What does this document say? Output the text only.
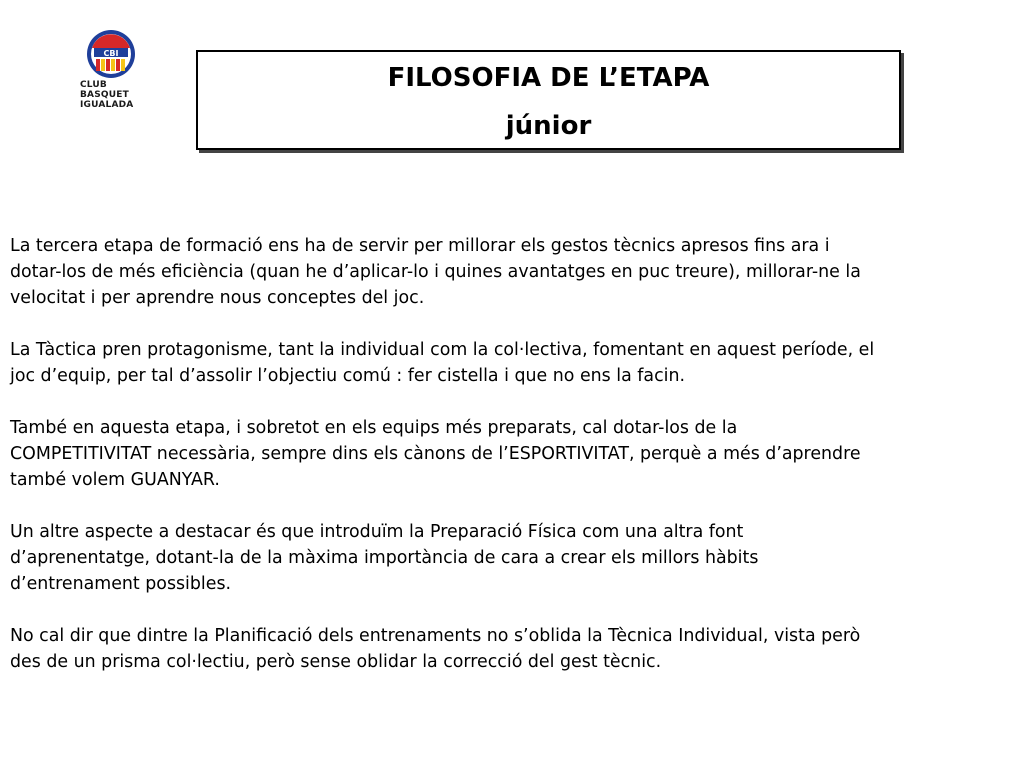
CBI
CLUB
BASQUET
IGUALADA
FILOSOFIA DE L’ETAPA
júnior
La tercera etapa de formació ens ha de servir per millorar els gestos tècnics apresos fins ara i
dotar-los de més eficiència (quan he d’aplicar-lo i quines avantatges en puc treure), millorar-ne la
velocitat i per aprendre nous conceptes del joc.
La Tàctica pren protagonisme, tant la individual com la col·lectiva, fomentant en aquest període, el
joc d’equip, per tal d’assolir l’objectiu comú : fer cistella i que no ens la facin.
També en aquesta etapa, i sobretot en els equips més preparats, cal dotar-los de la
COMPETITIVITAT necessària, sempre dins els cànons de l’ESPORTIVITAT, perquè a més d’aprendre
també volem GUANYAR.
Un altre aspecte a destacar és que introduïm la Preparació Física com una altra font
d’aprenentatge, dotant-la de la màxima importància de cara a crear els millors hàbits
d’entrenament possibles.
No cal dir que dintre la Planificació dels entrenaments no s’oblida la Tècnica Individual, vista però
des de un prisma col·lectiu, però sense oblidar la correcció del gest tècnic.
